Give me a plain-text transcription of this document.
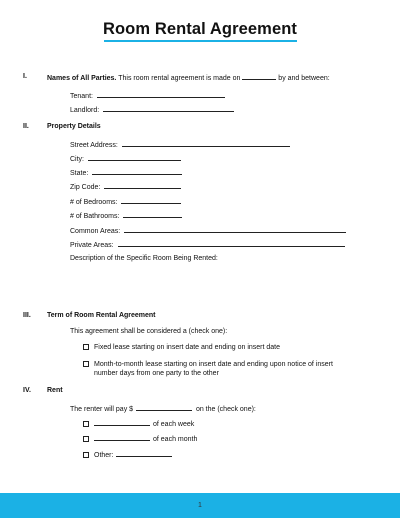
Room Rental Agreement
I.	Names of All Parties. This room rental agreement is made on	by and between:
Tenant:
Landlord:
II.	Property Details
Street Address:
City:
State:
Zip Code:
# of Bedrooms:
# of Bathrooms:
Common Areas:
Private Areas:
Description of the Specific Room Being Rented:
III. Term of Room Rental Agreement
This agreement shall be considered a (check one):
Fixed lease starting on insert date and ending on insert date
Month-to-month lease starting on insert date and ending upon notice of insert
number days from one party to the other
IV. Rent
The renter will pay $	on the (check one):
of each week
of each month
Other:
1
